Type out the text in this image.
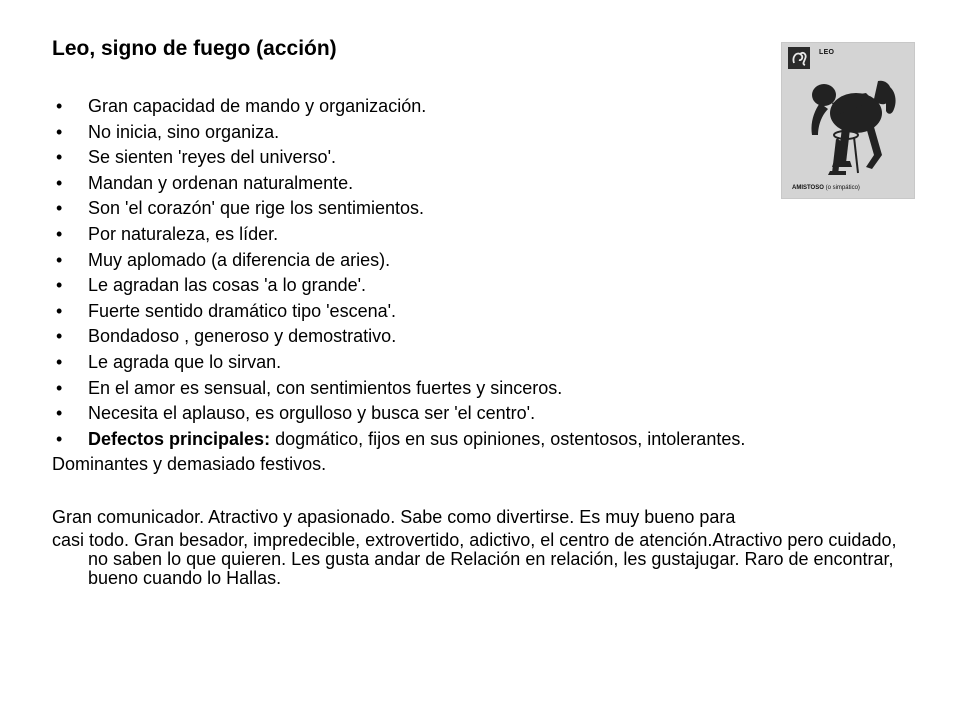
Leo, signo de fuego (acción)
• Gran capacidad de mando y organización.
• No inicia, sino organiza.
• Se sienten 'reyes del universo'.
• Mandan y ordenan naturalmente.
• Son 'el corazón' que rige los sentimientos.
• Por naturaleza, es líder.
• Muy aplomado (a diferencia de aries).
• Le agradan las cosas 'a lo grande'.
• Fuerte sentido dramático tipo 'escena'.
• Bondadoso , generoso y demostrativo.
• Le agrada que lo sirvan.
• En el amor es sensual, con sentimientos fuertes y sinceros.
• Necesita el aplauso, es orgulloso y busca ser 'el centro'.
• Defectos principales: dogmático, fijos en sus opiniones, ostentosos, intolerantes.

Dominantes y demasiado festivos.

Gran comunicador. Atractivo y apasionado. Sabe como divertirse. Es muy bueno para
casi todo. Gran besador, impredecible, extrovertido, adictivo, el centro de atención.Atractivo pero cuidado, no saben lo que quieren. Les gusta andar de Relación en relación, les gustajugar. Raro de encontrar, bueno cuando lo Hallas.

LEO
AMISTOSO (o simpático)
